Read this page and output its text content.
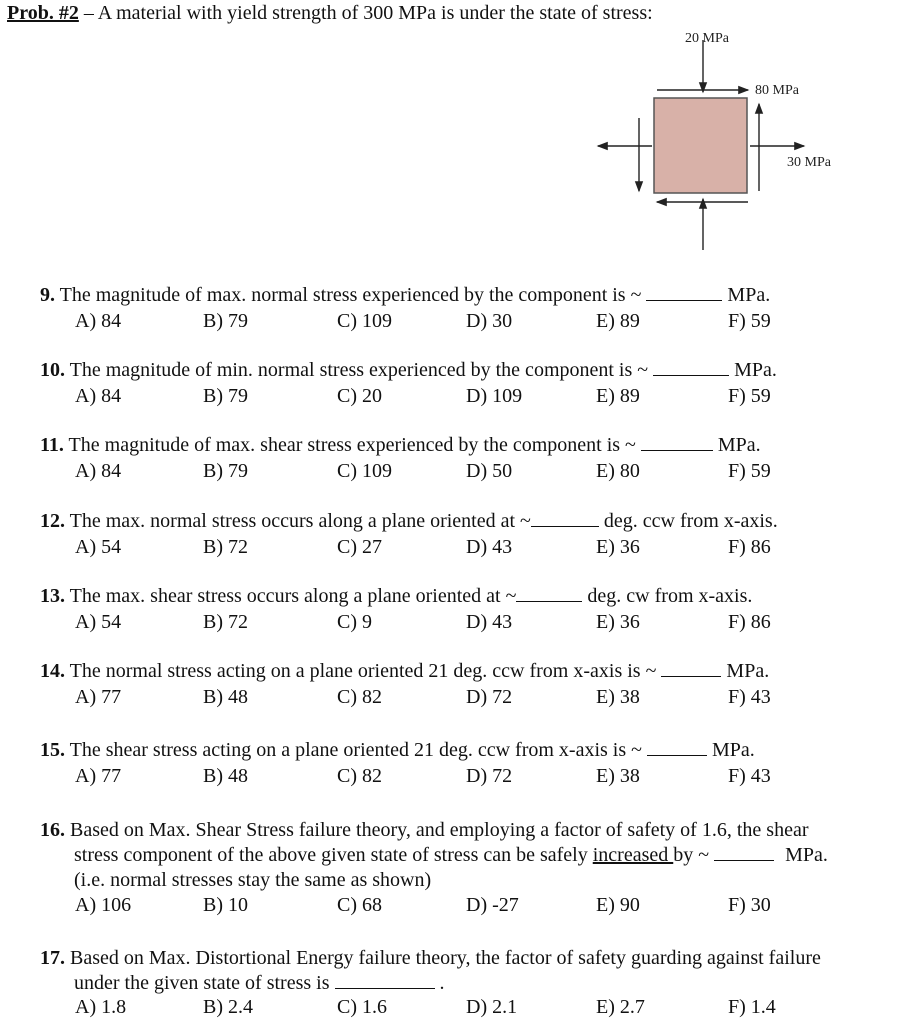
Prob. #2 – A material with yield strength of 300 MPa is under the state of stress:
20 MPa
80 MPa
30 MPa
9. The magnitude of max. normal stress experienced by the component is ~	MPa.
A) 84	B) 79	C) 109	D) 30	E) 89	F) 59
10. The magnitude of min. normal stress experienced by the component is ~	MPa.
A) 84	B) 79	C) 20	D) 109	E) 89	F) 59
11. The magnitude of max. shear stress experienced by the component is ~	MPa.
A) 84	B) 79	C) 109	D) 50	E) 80	F) 59
12. The max. normal stress occurs along a plane oriented at ~	deg. ccw from x-axis.
A) 54	B) 72	C) 27	D) 43	E) 36	F) 86
13. The max. shear stress occurs along a plane oriented at ~	deg. cw from x-axis.
A) 54	B) 72	C) 9	D) 43	E) 36	F) 86
14. The normal stress acting on a plane oriented 21 deg. ccw from x-axis is ~	MPa.
A) 77	B) 48	C) 82	D) 72	E) 38	F) 43
15. The shear stress acting on a plane oriented 21 deg. ccw from x-axis is ~	MPa.
A) 77	B) 48	C) 82	D) 72	E) 38	F) 43
16. Based on Max. Shear Stress failure theory, and employing a factor of safety of 1.6, the shear
stress component of the above given state of stress can be safely increased by ~	MPa.
(i.e. normal stresses stay the same as shown)
A) 106	B) 10	C) 68	D) -27	E) 90	F) 30
17. Based on Max. Distortional Energy failure theory, the factor of safety guarding against failure
under the given state of stress is	.
A) 1.8	B) 2.4	C) 1.6	D) 2.1	E) 2.7	F) 1.4
